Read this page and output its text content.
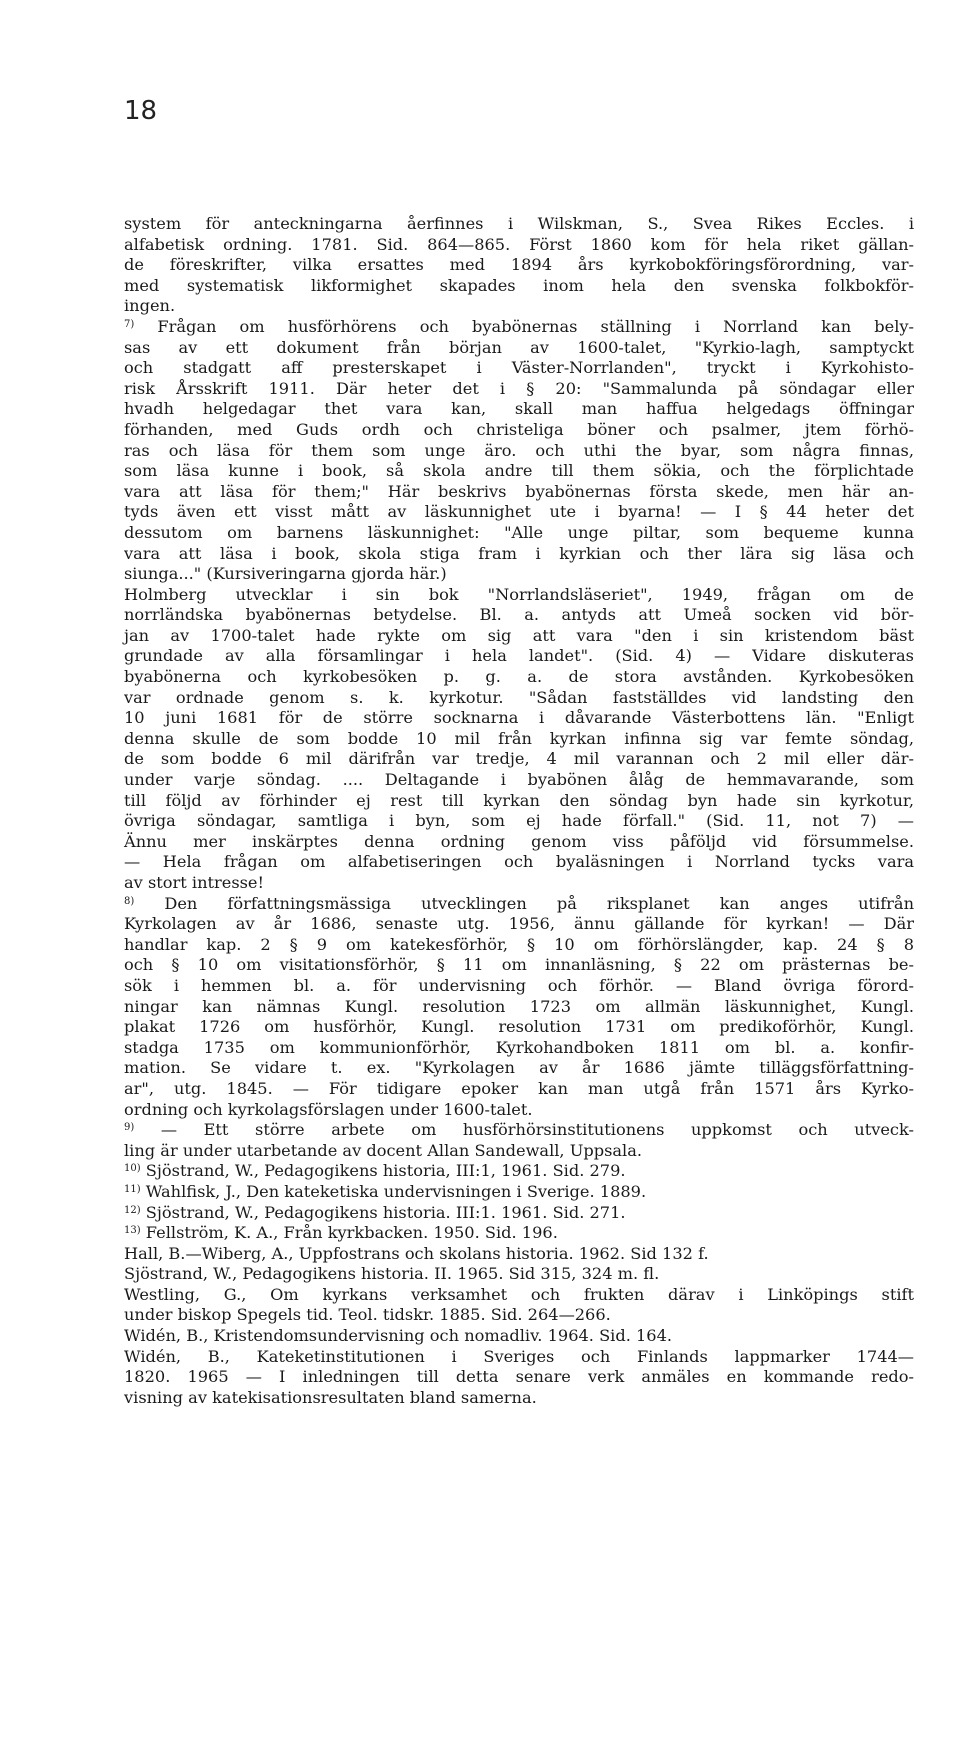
18
system för anteckningarna åerfinnes i Wilskman, S., Svea Rikes Eccles. i
alfabetisk ordning. 1781. Sid. 864—865. Först 1860 kom för hela riket gällan-
de föreskrifter, vilka ersattes med 1894 års kyrkobokföringsförordning, var-
med systematisk likformighet skapades inom hela den svenska folkbokför-
ingen.
$^{7)}$ Frågan om husförhörens och byabönernas ställning i Norrland kan bely-
sas av ett dokument från början av 1600-talet, "Kyrkio-lagh, samptyckt
och stadgatt aff presterskapet i Väster-Norrlanden", tryckt i Kyrkohisto-
risk Årsskrift 1911. Där heter det i § 20: "Sammalunda på söndagar eller
hvadh helgedagar thet vara kan, skall man haffua helgedags öffningar
förhanden, med Guds ordh och christeliga böner och psalmer, jtem förhö-
ras och läsa för them som unge äro. och uthi the byar, som några finnas,
som läsa kunne i book, så skola andre till them sökia, och the förplichtade
vara att läsa för them;" Här beskrivs byabönernas första skede, men här an-
tyds även ett visst mått av läskunnighet ute i byarna! — I § 44 heter det
dessutom om barnens läskunnighet: "Alle unge piltar, som bequeme kunna
vara att läsa i book, skola stiga fram i kyrkian och ther lära sig läsa och
siunga..." (Kursiveringarna gjorda här.)
Holmberg utvecklar i sin bok "Norrlandsläseriet", 1949, frågan om de
norrländska byabönernas betydelse. Bl. a. antyds att Umeå socken vid bör-
jan av 1700-talet hade rykte om sig att vara "den i sin kristendom bäst
grundade av alla församlingar i hela landet". (Sid. 4) — Vidare diskuteras
byabönerna och kyrkobesöken p. g. a. de stora avstånden. Kyrkobesöken
var ordnade genom s. k. kyrkotur. "Sådan fastställdes vid landsting den
10 juni 1681 för de större socknarna i dåvarande Västerbottens län. "Enligt
denna skulle de som bodde 10 mil från kyrkan infinna sig var femte söndag,
de som bodde 6 mil därifrån var tredje, 4 mil varannan och 2 mil eller där-
under varje söndag. .... Deltagande i byabönen ålåg de hemmavarande, som
till följd av förhinder ej rest till kyrkan den söndag byn hade sin kyrkotur,
övriga söndagar, samtliga i byn, som ej hade förfall." (Sid. 11, not 7) —
Ännu mer inskärptes denna ordning genom viss påföljd vid försummelse.
— Hela frågan om alfabetiseringen och byaläsningen i Norrland tycks vara
av stort intresse!
$^{8)}$ Den författningsmässiga utvecklingen på riksplanet kan anges utifrån
Kyrkolagen av år 1686, senaste utg. 1956, ännu gällande för kyrkan! — Där
handlar kap. 2 § 9 om katekesförhör, § 10 om förhörslängder, kap. 24 § 8
och § 10 om visitationsförhör, § 11 om innanläsning, § 22 om prästernas be-
sök i hemmen bl. a. för undervisning och förhör. — Bland övriga förord-
ningar kan nämnas Kungl. resolution 1723 om allmän läskunnighet, Kungl.
plakat 1726 om husförhör, Kungl. resolution 1731 om predikoförhör, Kungl.
stadga 1735 om kommunionförhör, Kyrkohandboken 1811 om bl. a. konfir-
mation. Se vidare t. ex. "Kyrkolagen av år 1686 jämte tilläggsförfattning-
ar", utg. 1845. — För tidigare epoker kan man utgå från 1571 års Kyrko-
ordning och kyrkolagsförslagen under 1600-talet.
$^{9)}$ — Ett större arbete om husförhörsinstitutionens uppkomst och utveck-
ling är under utarbetande av docent Allan Sandewall, Uppsala.
$^{10)}$ Sjöstrand, W., Pedagogikens historia, III:1, 1961. Sid. 279.
$^{11)}$ Wahlfisk, J., Den kateketiska undervisningen i Sverige. 1889.
$^{12)}$ Sjöstrand, W., Pedagogikens historia. III:1. 1961. Sid. 271.
$^{13)}$ Fellström, K. A., Från kyrkbacken. 1950. Sid. 196.
Hall, B.—Wiberg, A., Uppfostrans och skolans historia. 1962. Sid 132 f.
Sjöstrand, W., Pedagogikens historia. II. 1965. Sid 315, 324 m. fl.
Westling, G., Om kyrkans verksamhet och frukten därav i Linköpings stift
under biskop Spegels tid. Teol. tidskr. 1885. Sid. 264—266.
Widén, B., Kristendomsundervisning och nomadliv. 1964. Sid. 164.
Widén, B., Kateketinstitutionen i Sveriges och Finlands lappmarker 1744—
1820. 1965 — I inledningen till detta senare verk anmäles en kommande redo-
visning av katekisationsresultaten bland samerna.
